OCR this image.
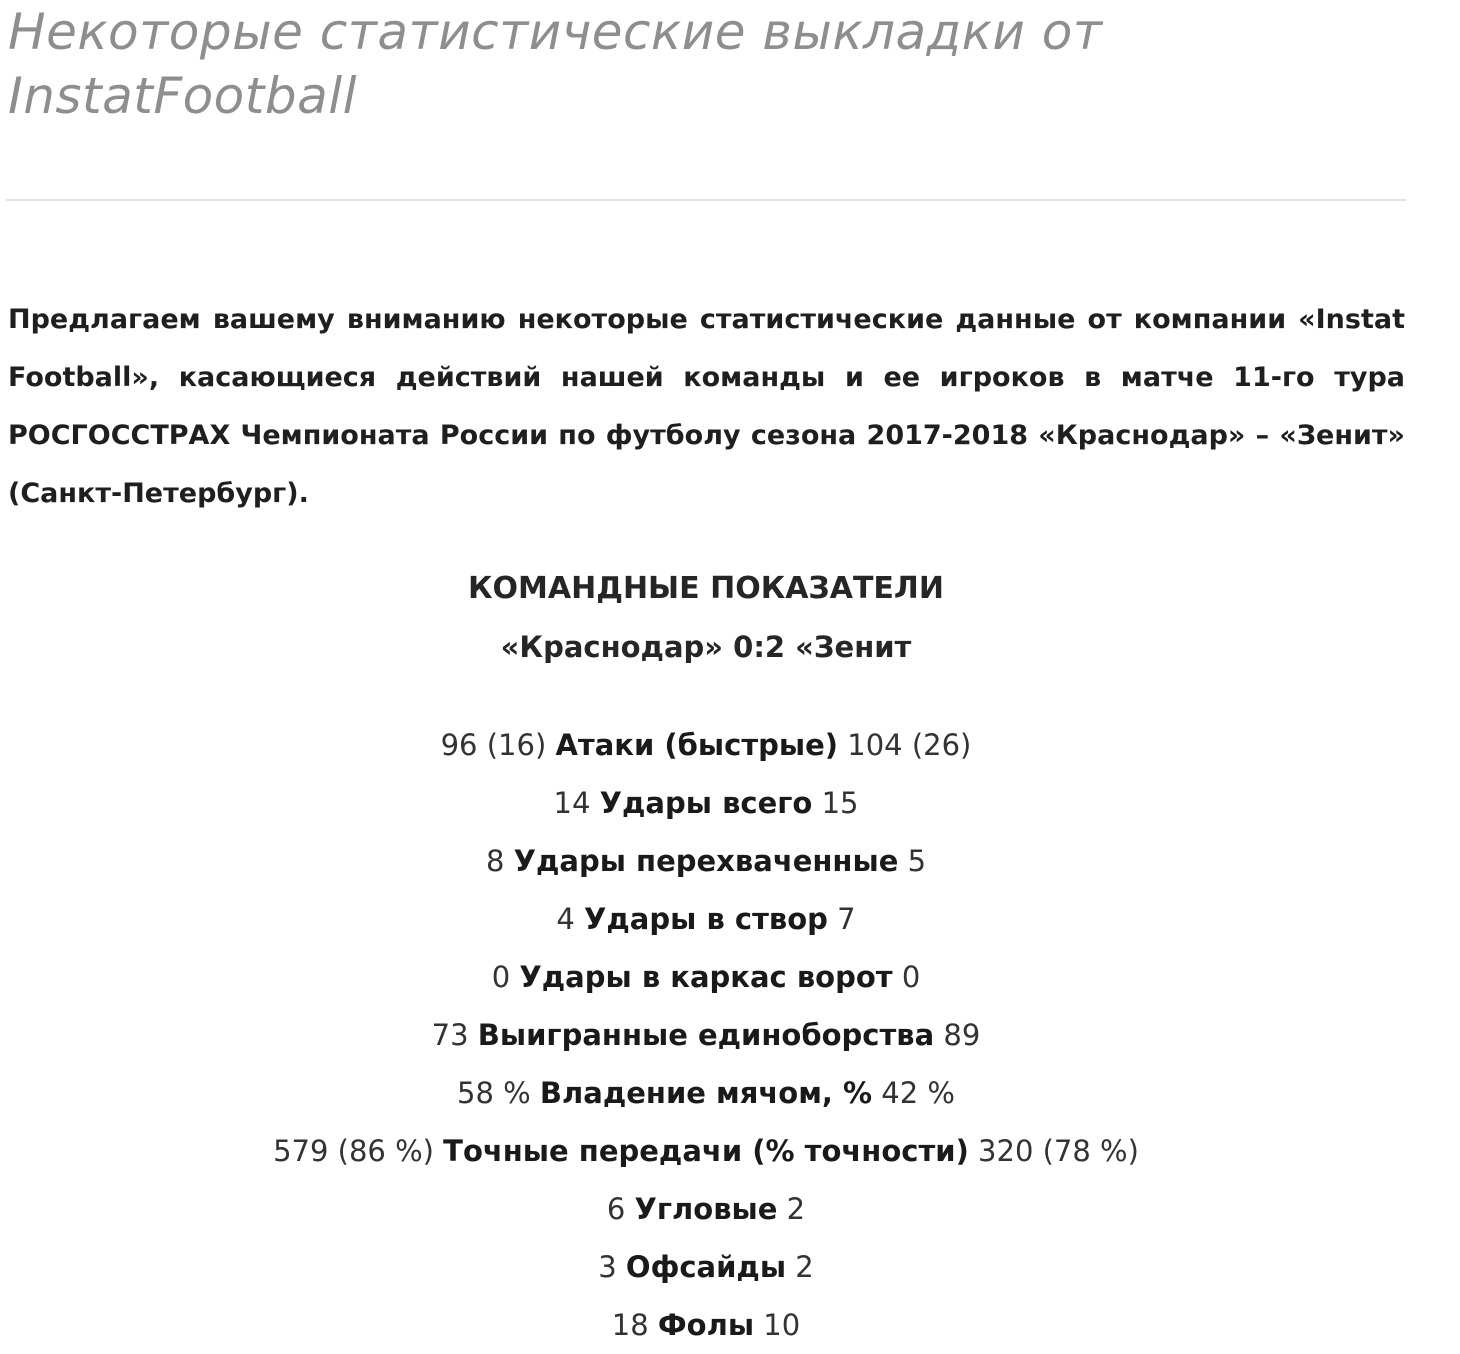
Некоторые статистические выкладки от InstatFootball

Предлагаем вашему вниманию некоторые статистические данные от компании «Instat Football», касающиеся действий нашей команды и ее игроков в матче 11-го тура РОСГОССТРАХ Чемпионата России по футболу сезона 2017-2018 «Краснодар» – «Зенит» (Санкт-Петербург).

КОМАНДНЫЕ ПОКАЗАТЕЛИ
«Краснодар» 0:2 «Зенит
96 (16) Атаки (быстрые) 104 (26)
14 Удары всего 15
8 Удары перехваченные 5
4 Удары в створ 7
0 Удары в каркас ворот 0
73 Выигранные единоборства 89
58 % Владение мячом, % 42 %
579 (86 %) Точные передачи (% точности) 320 (78 %)
6 Угловые 2
3 Офсайды 2
18 Фолы 10
